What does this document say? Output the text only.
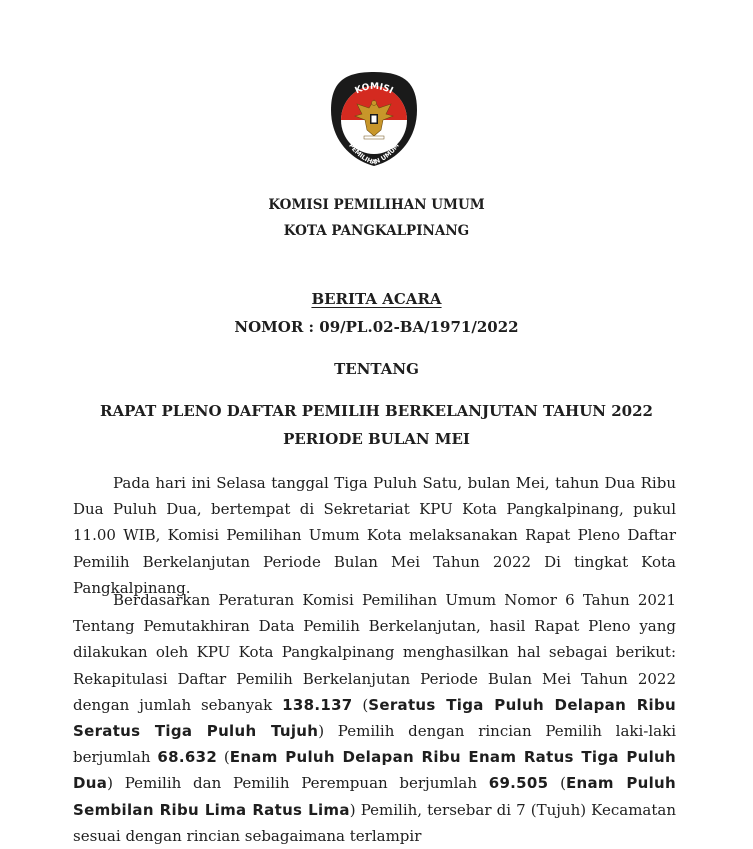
KOMISI
PEMILIHAN UMUM
KOMISI PEMILIHAN UMUM
KOTA PANGKALPINANG
BERITA ACARA
NOMOR : 09/PL.02-BA/1971/2022
TENTANG
RAPAT PLENO DAFTAR PEMILIH BERKELANJUTAN TAHUN 2022
PERIODE BULAN MEI
Pada hari ini Selasa tanggal Tiga Puluh Satu, bulan Mei, tahun Dua Ribu Dua Puluh Dua, bertempat di Sekretariat KPU Kota Pangkalpinang, pukul 11.00 WIB, Komisi Pemilihan Umum Kota melaksanakan Rapat Pleno Daftar Pemilih Berkelanjutan Periode Bulan Mei Tahun 2022 Di tingkat Kota Pangkalpinang.
Berdasarkan Peraturan Komisi Pemilihan Umum Nomor 6 Tahun 2021 Tentang Pemutakhiran Data Pemilih Berkelanjutan, hasil Rapat Pleno yang dilakukan oleh KPU Kota Pangkalpinang menghasilkan hal sebagai berikut: Rekapitulasi Daftar Pemilih Berkelanjutan Periode Bulan Mei Tahun 2022 dengan jumlah sebanyak 138.137 (Seratus Tiga Puluh Delapan Ribu Seratus Tiga Puluh Tujuh) Pemilih dengan rincian Pemilih laki-laki berjumlah 68.632 (Enam Puluh Delapan Ribu Enam Ratus Tiga Puluh Dua) Pemilih dan Pemilih Perempuan berjumlah 69.505 (Enam Puluh Sembilan Ribu Lima Ratus Lima) Pemilih, tersebar di 7 (Tujuh) Kecamatan sesuai dengan rincian sebagaimana terlampir
